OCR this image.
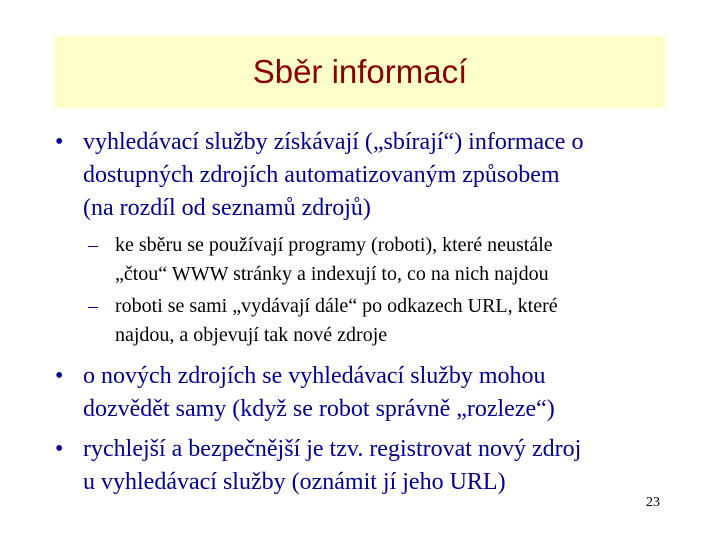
Sběr informací
• vyhledávací služby získávají („sbírají“) informace o
dostupných zdrojích automatizovaným způsobem
(na rozdíl od seznamů zdrojů)
– ke sběru se používají programy (roboti), které neustále
„čtou“ WWW stránky a indexují to, co na nich najdou
– roboti se sami „vydávají dále“ po odkazech URL, které
najdou, a objevují tak nové zdroje
• o nových zdrojích se vyhledávací služby mohou
dozvědět samy (když se robot správně „rozleze“)
• rychlejší a bezpečnější je tzv. registrovat nový zdroj
u vyhledávací služby (oznámit jí jeho URL)
23
